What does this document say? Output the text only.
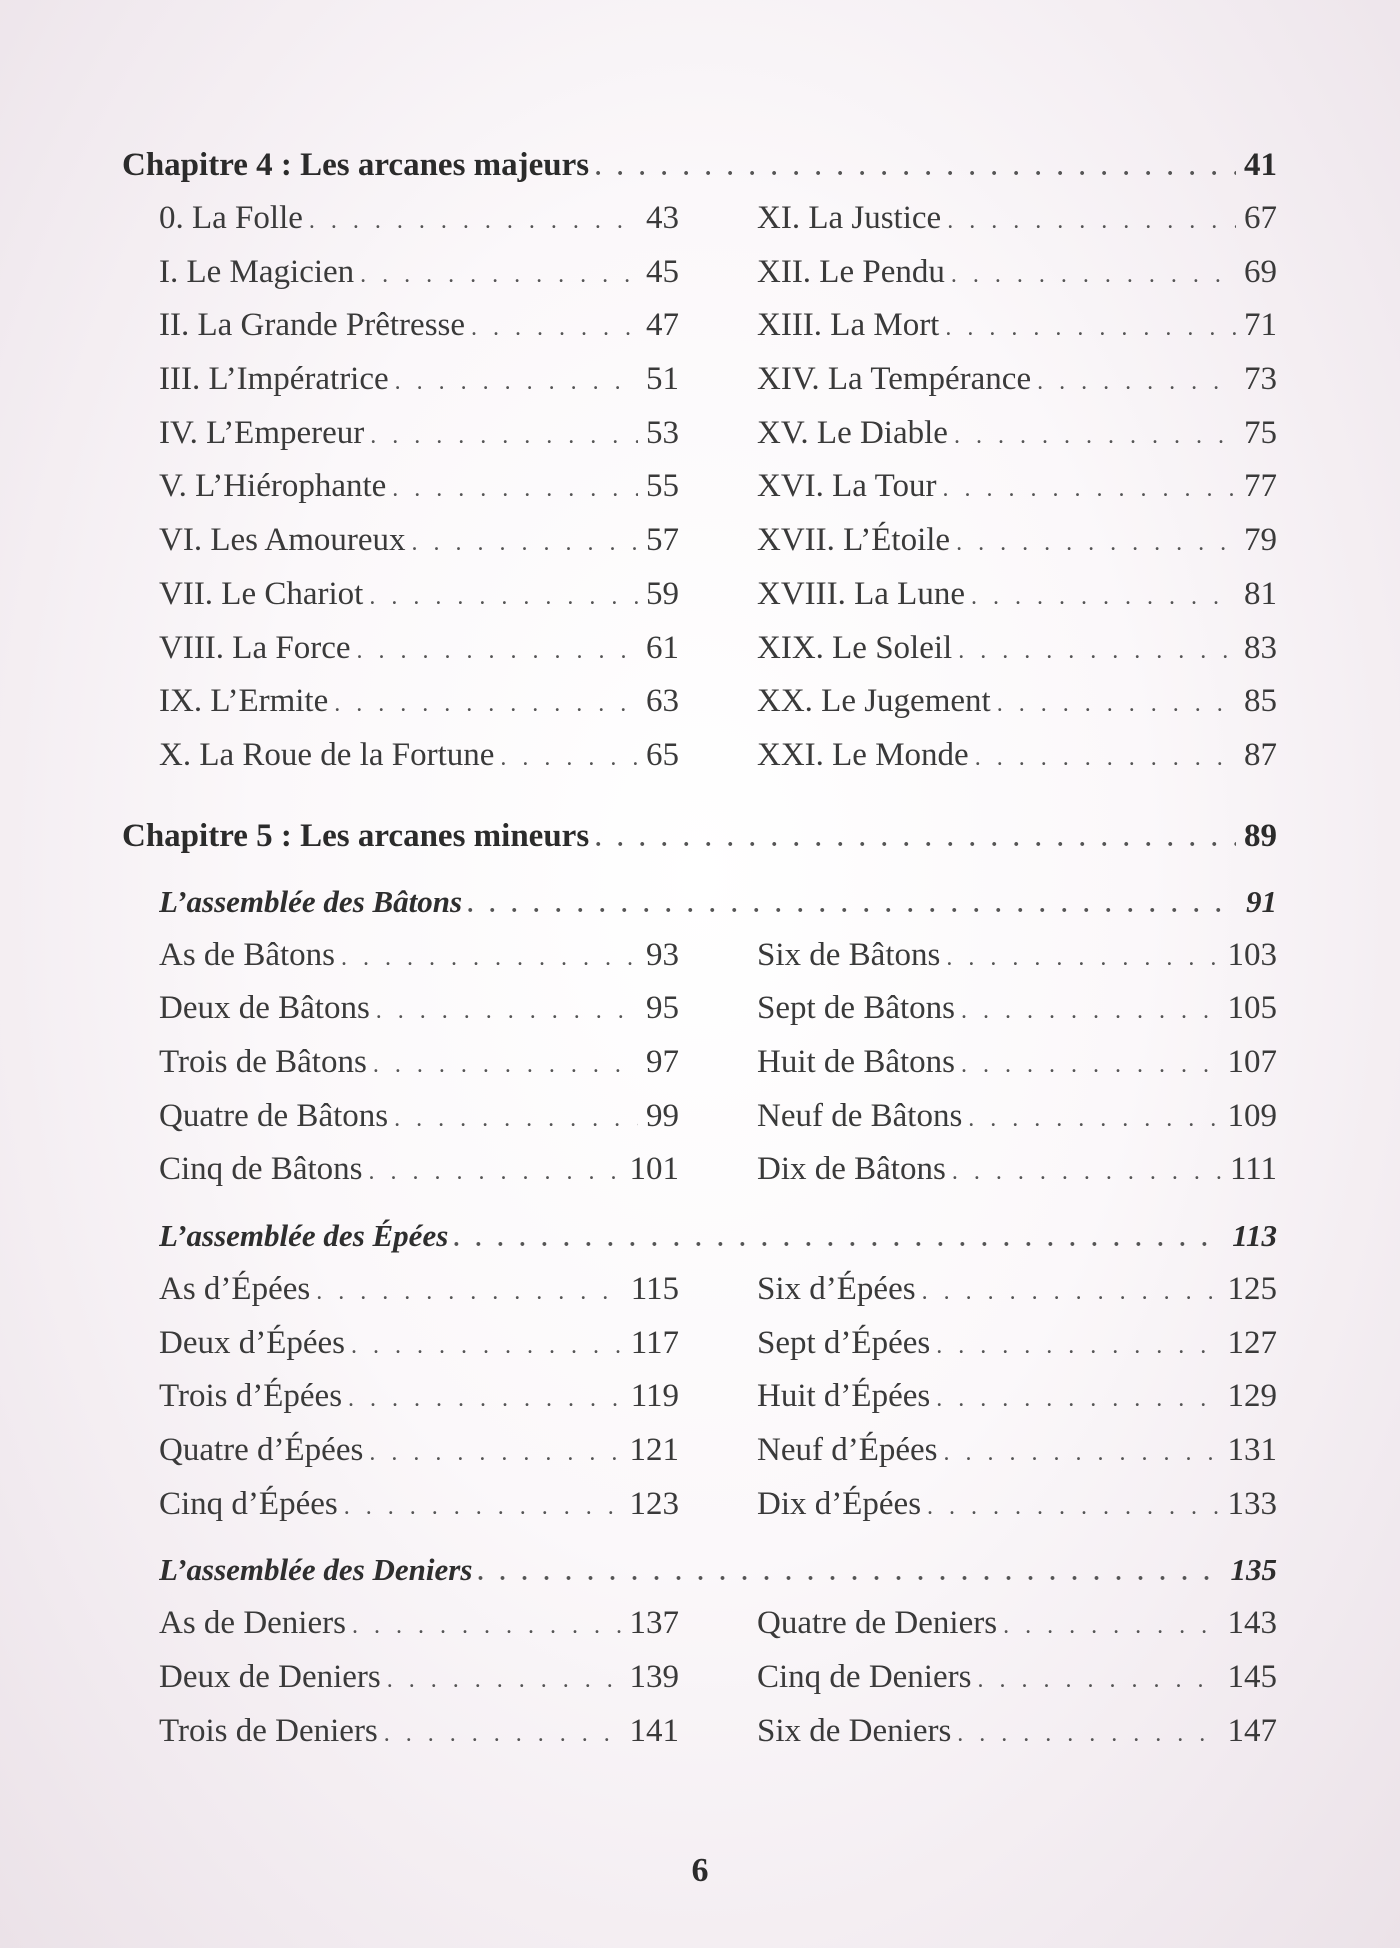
Chapitre 4 : Les arcanes majeurs . . .	41
0. La Folle . . .	43 XI. La Justice . . .	67
I. Le Magicien . . .	45 XII. Le Pendu . . .	69
II. La Grande Prêtresse . . .	47 XIII. La Mort . . .	71
III. L’Impératrice . . .	51 XIV. La Tempérance . . .	73
IV. L’Empereur . . .	53 XV. Le Diable . . .	75
V. L’Hiérophante . . .	55 XVI. La Tour . . .	77
VI. Les Amoureux . . .	57 XVII. L’Étoile . . .	79
VII. Le Chariot . . .	59 XVIII. La Lune . . .	81
VIII. La Force . . .	61 XIX. Le Soleil . . .	83
IX. L’Ermite . . .	63 XX. Le Jugement . . .	85
X. La Roue de la Fortune . . .	65 XXI. Le Monde . . .	87
Chapitre 5 : Les arcanes mineurs . . .	89
L’assemblée des Bâtons . . .	91
As de Bâtons . . .	93 Six de Bâtons . . .	103
Deux de Bâtons . . .	95 Sept de Bâtons . . .	105
Trois de Bâtons . . .	97 Huit de Bâtons . . .	107
Quatre de Bâtons . . .	99 Neuf de Bâtons . . .	109
Cinq de Bâtons . . .	101 Dix de Bâtons . . .	111
L’assemblée des Épées . . .	113
As d’Épées . . .	115 Six d’Épées . . .	125
Deux d’Épées . . .	117 Sept d’Épées . . .	127
Trois d’Épées . . .	119 Huit d’Épées . . .	129
Quatre d’Épées . . .	121 Neuf d’Épées . . .	131
Cinq d’Épées . . .	123 Dix d’Épées . . .	133
L’assemblée des Deniers . . .	135
As de Deniers . . .	137 Quatre de Deniers . . .	143
Deux de Deniers . . .	139 Cinq de Deniers . . .	145
Trois de Deniers . . .	141 Six de Deniers . . .	147
6
